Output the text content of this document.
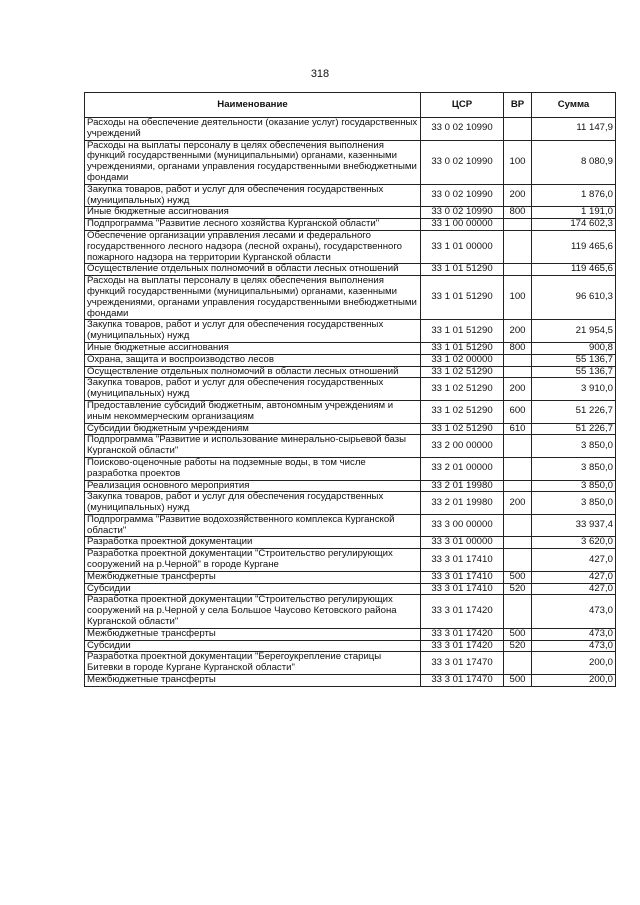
318
Наименование	ЦСР	ВР	Сумма
Расходы на обеспечение деятельности (оказание услуг) государственных учреждений	33 0 02 10990		11 147,9
Расходы на выплаты персоналу в целях обеспечения выполнения функций государственными (муниципальными) органами, казенными учреждениями, органами управления государственными внебюджетными фондами	33 0 02 10990	100	8 080,9
Закупка товаров, работ и услуг для обеспечения государственных (муниципальных) нужд	33 0 02 10990	200	1 876,0
Иные бюджетные ассигнования	33 0 02 10990	800	1 191,0
Подпрограмма "Развитие лесного хозяйства Курганской области"	33 1 00 00000		174 602,3
Обеспечение организации управления лесами и федерального государственного лесного надзора (лесной охраны), государственного пожарного надзора на территории Курганской области	33 1 01 00000		119 465,6
Осуществление отдельных полномочий в области лесных отношений	33 1 01 51290		119 465,6
Расходы на выплаты персоналу в целях обеспечения выполнения функций государственными (муниципальными) органами, казенными учреждениями, органами управления государственными внебюджетными фондами	33 1 01 51290	100	96 610,3
Закупка товаров, работ и услуг для обеспечения государственных (муниципальных) нужд	33 1 01 51290	200	21 954,5
Иные бюджетные ассигнования	33 1 01 51290	800	900,8
Охрана, защита и воспроизводство лесов	33 1 02 00000		55 136,7
Осуществление отдельных полномочий в области лесных отношений	33 1 02 51290		55 136,7
Закупка товаров, работ и услуг для обеспечения государственных (муниципальных) нужд	33 1 02 51290	200	3 910,0
Предоставление субсидий бюджетным, автономным учреждениям и иным некоммерческим организациям	33 1 02 51290	600	51 226,7
Субсидии бюджетным учреждениям	33 1 02 51290	610	51 226,7
Подпрограмма "Развитие и использование минерально-сырьевой базы Курганской области"	33 2 00 00000		3 850,0
Поисково-оценочные работы на подземные воды, в том числе разработка проектов	33 2 01 00000		3 850,0
Реализация основного мероприятия	33 2 01 19980		3 850,0
Закупка товаров, работ и услуг для обеспечения государственных (муниципальных) нужд	33 2 01 19980	200	3 850,0
Подпрограмма "Развитие водохозяйственного комплекса Курганской области"	33 3 00 00000		33 937,4
Разработка проектной документации	33 3 01 00000		3 620,0
Разработка проектной документации "Строительство регулирующих сооружений на р.Черной" в городе Кургане	33 3 01 17410		427,0
Межбюджетные трансферты	33 3 01 17410	500	427,0
Субсидии	33 3 01 17410	520	427,0
Разработка проектной документации "Строительство регулирующих сооружений на р.Черной у села Большое Чаусово Кетовского района Курганской области"	33 3 01 17420		473,0
Межбюджетные трансферты	33 3 01 17420	500	473,0
Субсидии	33 3 01 17420	520	473,0
Разработка проектной документации "Берегоукрепление старицы Битевки в городе Кургане Курганской области"	33 3 01 17470		200,0
Межбюджетные трансферты	33 3 01 17470	500	200,0
